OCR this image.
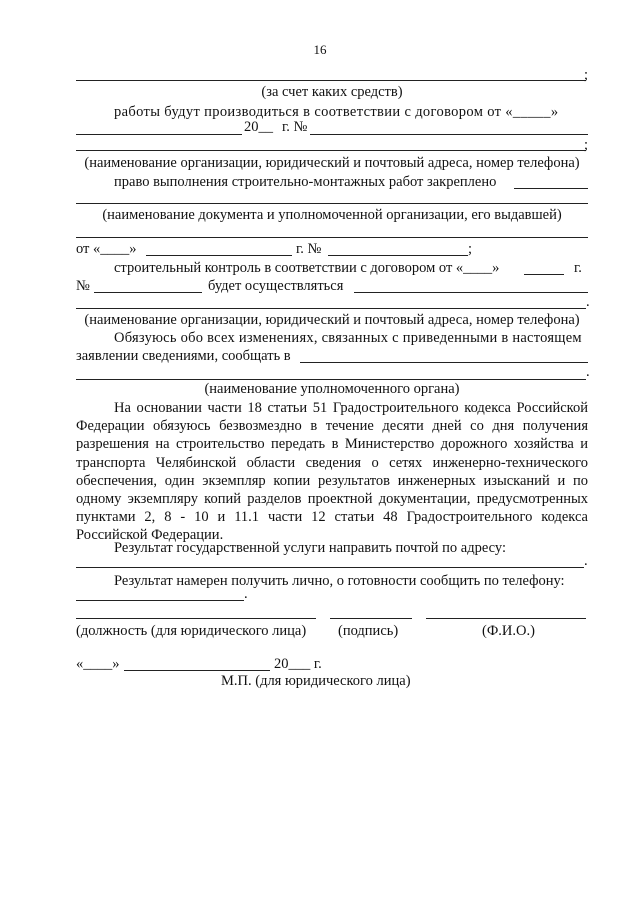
16
;
(за счет каких средств)
работы будут производиться в соответствии с договором от «_____»
20__ г. №
;
(наименование организации, юридический и почтовый адреса, номер телефона)
право выполнения строительно-монтажных работ закреплено
(наименование документа и уполномоченной организации, его выдавшей)
от «____»	г. №	;
строительный контроль в соответствии с договором от «____»	г.
№	будет осуществляться
.
(наименование организации, юридический и почтовый адреса, номер телефона)
Обязуюсь обо всех изменениях, связанных с приведенными в настоящем
заявлении сведениями, сообщать в
.
(наименование уполномоченного органа)
На основании части 18 статьи 51 Градостроительного кодекса Российской Федерации обязуюсь безвозмездно в течение десяти дней со дня получения разрешения на строительство передать в Министерство дорожного хозяйства и транспорта Челябинской области сведения о сетях инженерно-технического обеспечения, один экземпляр копии результатов инженерных изысканий и по одному экземпляру копий разделов проектной документации, предусмотренных пунктами 2, 8 - 10 и 11.1 части 12 статьи 48 Градостроительного кодекса Российской Федерации.
Результат государственной услуги направить почтой по адресу:
.
Результат намерен получить лично, о готовности сообщить по телефону:
.
(должность (для юридического лица) (подпись)	(Ф.И.О.)
«____»	20___ г.
М.П. (для юридического лица)
